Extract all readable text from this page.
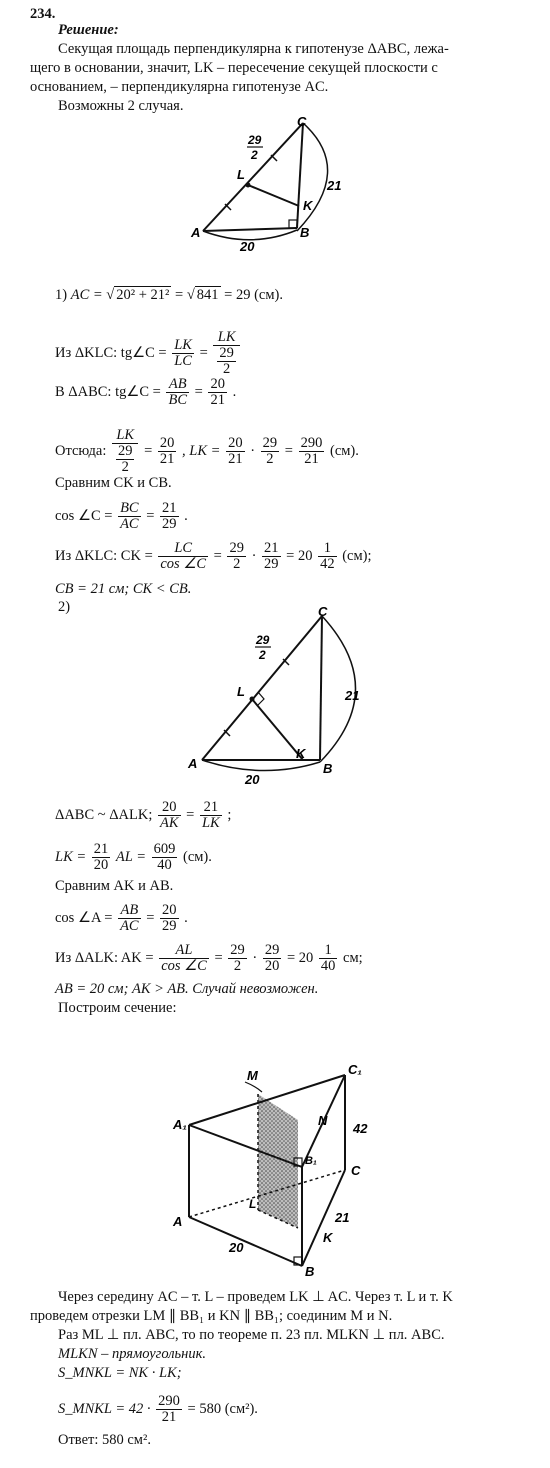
234.
Решение:
Секущая площадь перпендикулярна к гипотенузе ΔABC, лежа-
щего в основании, значит, LK – пересечение секущей плоскости с
основанием, – перпендикулярна гипотенузе AC.
Возможны 2 случая.
C
L
K
A	B
29
2
21
20
1) AC = √ 20² + 21² = √ 841 = 29 (см).
Из ΔKLC: tg∠C = $\frac{LK}{LC} = \frac{LK}{\frac{29}{2}}$
В ΔABC: tg∠C = $\frac{AB}{BC} = \frac{20}{21}$ .
Отсюда: $\frac{LK}{\frac{29}{2}} = \frac{20}{21}$ , LK = $\frac{20}{21} \cdot \frac{29}{2} = \frac{290}{21} (см)$.
Сравним CK и CB.
cos ∠C = $\frac{BC}{AC} = \frac{21}{29}$ .
Из ΔKLC: CK = $\frac{LC}{\cos \angle C} = \frac{29}{2} \cdot \frac{21}{29} = 20 \frac{1}{42} (см)$;
CB = 21 см; CK < CB.
2)	C
L
K
A	B
29
2
21
20
ΔABC ~ ΔALK; $\frac{20}{AK} = \frac{21}{LK}$ ;
LK = $\frac{21}{20}$ AL = $\frac{609}{40} (см)$.
Сравним AK и AB.
cos ∠A = $\frac{AB}{AC} = \frac{20}{29}$ .
Из ΔALK: AK = $\frac{AL}{\cos \angle C} = \frac{29}{2} \cdot \frac{29}{20} = 20 \frac{1}{40}$ см;
AB = 20 см; AK > AB. Случай невозможен.
Построим сечение:
C₁
A₁
M
N
42
C
L
A	21
K
20
B
B₁
Через середину AC – т. L – проведем LK ⊥ AC. Через т. L и т. K
проведем отрезки LM ∥ BB₁ и KN ∥ BB₁; соединим M и N.
Раз ML ⊥ пл. ABC, то по теореме п. 23 пл. MLKN ⊥ пл. ABC.
MLKN – прямоугольник.
S_MNKL = NK · LK;
S_MNKL = $42 \cdot \frac{290}{21} = 580$ (см²).
Ответ: 580 см².
